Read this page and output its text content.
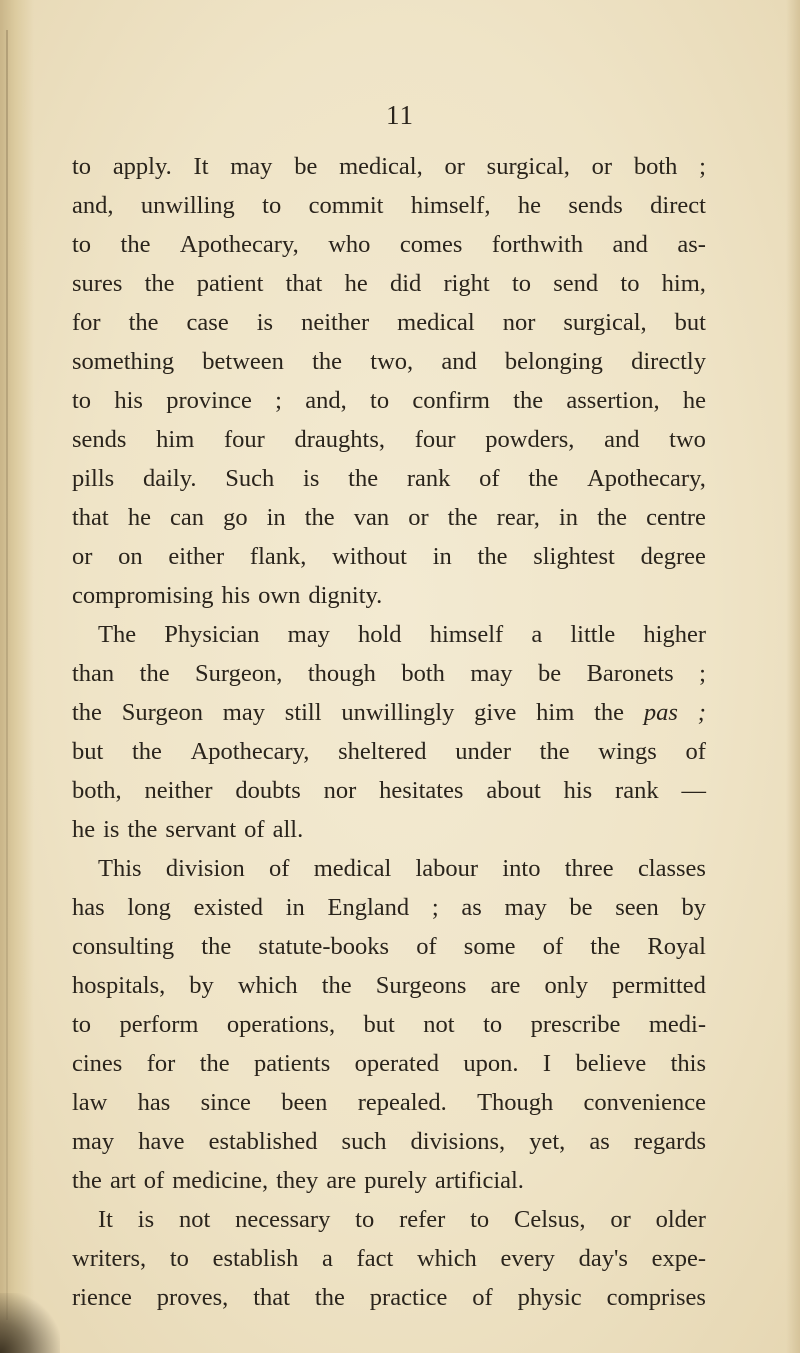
11
to apply. It may be medical, or surgical, or both ;
and, unwilling to commit himself, he sends direct
to the Apothecary, who comes forthwith and as-
sures the patient that he did right to send to him,
for the case is neither medical nor surgical, but
something between the two, and belonging directly
to his province ; and, to confirm the assertion, he
sends him four draughts, four powders, and two
pills daily. Such is the rank of the Apothecary,
that he can go in the van or the rear, in the centre
or on either flank, without in the slightest degree
compromising his own dignity.
The Physician may hold himself a little higher
than the Surgeon, though both may be Baronets ;
the Surgeon may still unwillingly give him the pas ;
but the Apothecary, sheltered under the wings of
both, neither doubts nor hesitates about his rank —
he is the servant of all.
This division of medical labour into three classes
has long existed in England ; as may be seen by
consulting the statute-books of some of the Royal
hospitals, by which the Surgeons are only permitted
to perform operations, but not to prescribe medi-
cines for the patients operated upon. I believe this
law has since been repealed. Though convenience
may have established such divisions, yet, as regards
the art of medicine, they are purely artificial.
It is not necessary to refer to Celsus, or older
writers, to establish a fact which every day's expe-
rience proves, that the practice of physic comprises
